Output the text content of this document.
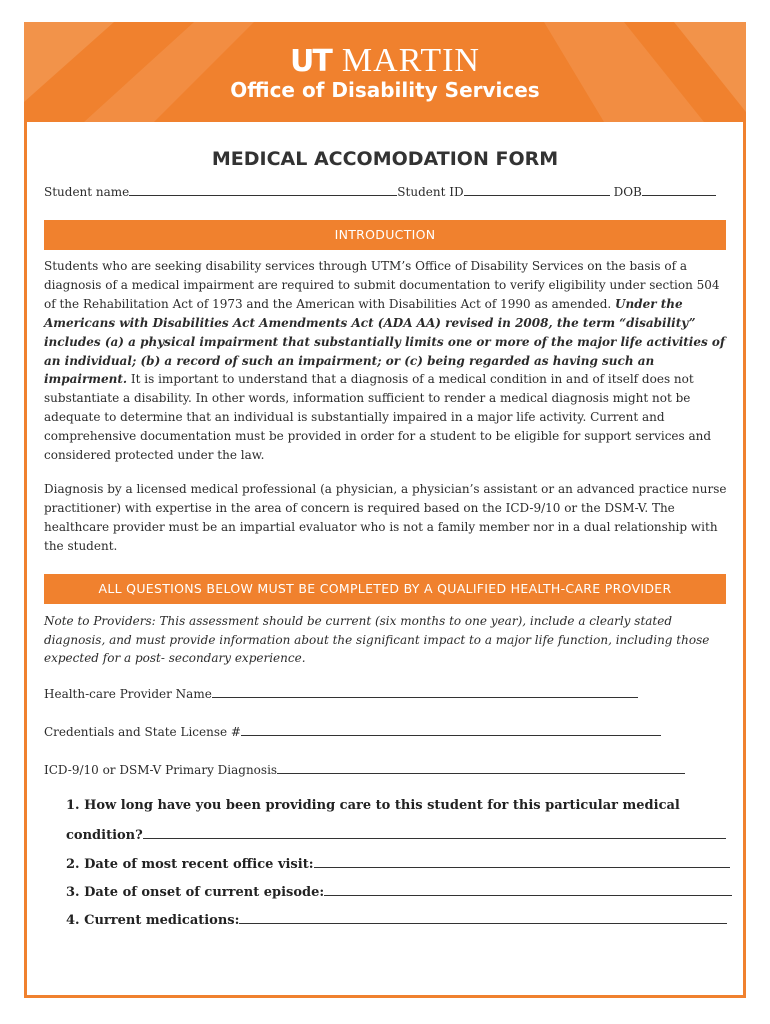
UT MARTIN
Office of Disability Services
MEDICAL ACCOMODATION FORM
Student name	Student ID	DOB
INTRODUCTION
Students who are seeking disability services through UTM’s Office of Disability Services on the basis of a diagnosis of a medical impairment are required to submit documentation to verify eligibility under section 504 of the Rehabilitation Act of 1973 and the American with Disabilities Act of 1990 as amended. Under the Americans with Disabilities Act Amendments Act (ADA AA) revised in 2008, the term “disability” includes (a) a physical impairment that substantially limits one or more of the major life activities of an individual; (b) a record of such an impairment; or (c) being regarded as having such an impairment. It is important to understand that a diagnosis of a medical condition in and of itself does not substantiate a disability. In other words, information sufficient to render a medical diagnosis might not be adequate to determine that an individual is substantially impaired in a major life activity. Current and comprehensive documentation must be provided in order for a student to be eligible for support services and considered protected under the law.
Diagnosis by a licensed medical professional (a physician, a physician’s assistant or an advanced practice nurse practitioner) with expertise in the area of concern is required based on the ICD-9/10 or the DSM-V. The healthcare provider must be an impartial evaluator who is not a family member nor in a dual relationship with the student.
ALL QUESTIONS BELOW MUST BE COMPLETED BY A QUALIFIED HEALTH-CARE PROVIDER
Note to Providers: This assessment should be current (six months to one year), include a clearly stated diagnosis, and must provide information about the significant impact to a major life function, including those expected for a post- secondary experience.
Health-care Provider Name
Credentials and State License #
ICD-9/10 or DSM-V Primary Diagnosis
1. How long have you been providing care to this student for this particular medical
condition?
2. Date of most recent office visit:
3. Date of onset of current episode:
4. Current medications:
